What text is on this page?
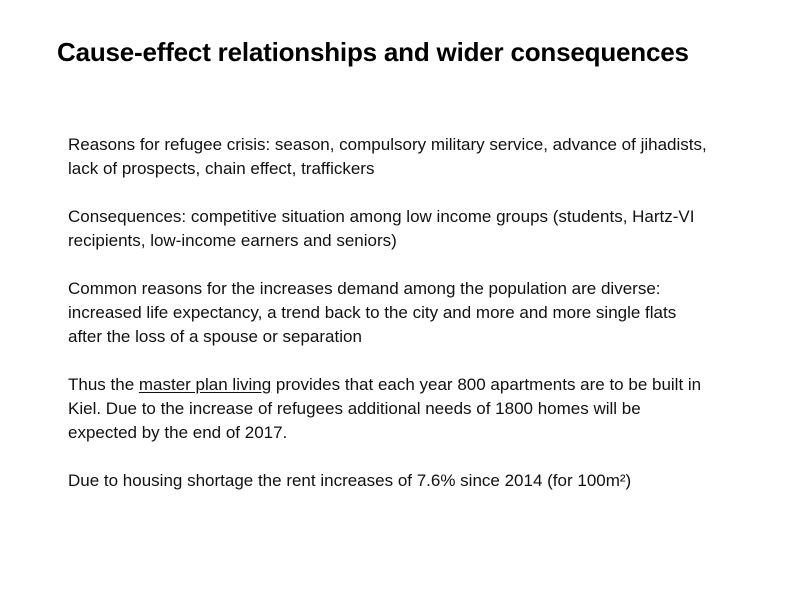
Cause-effect relationships and wider consequences

Reasons for refugee crisis: season, compulsory military service, advance of jihadists, lack of prospects, chain effect, traffickers

Consequences: competitive situation among low income groups (students, Hartz-VI recipients, low-income earners and seniors)

Common reasons for the increases demand among the population are diverse: increased life expectancy, a trend back to the city and more and more single flats after the loss of a spouse or separation

Thus the master plan living provides that each year 800 apartments are to be built in Kiel. Due to the increase of refugees additional needs of 1800 homes will be expected by the end of 2017.

Due to housing shortage the rent increases of 7.6% since 2014 (for 100m²)
